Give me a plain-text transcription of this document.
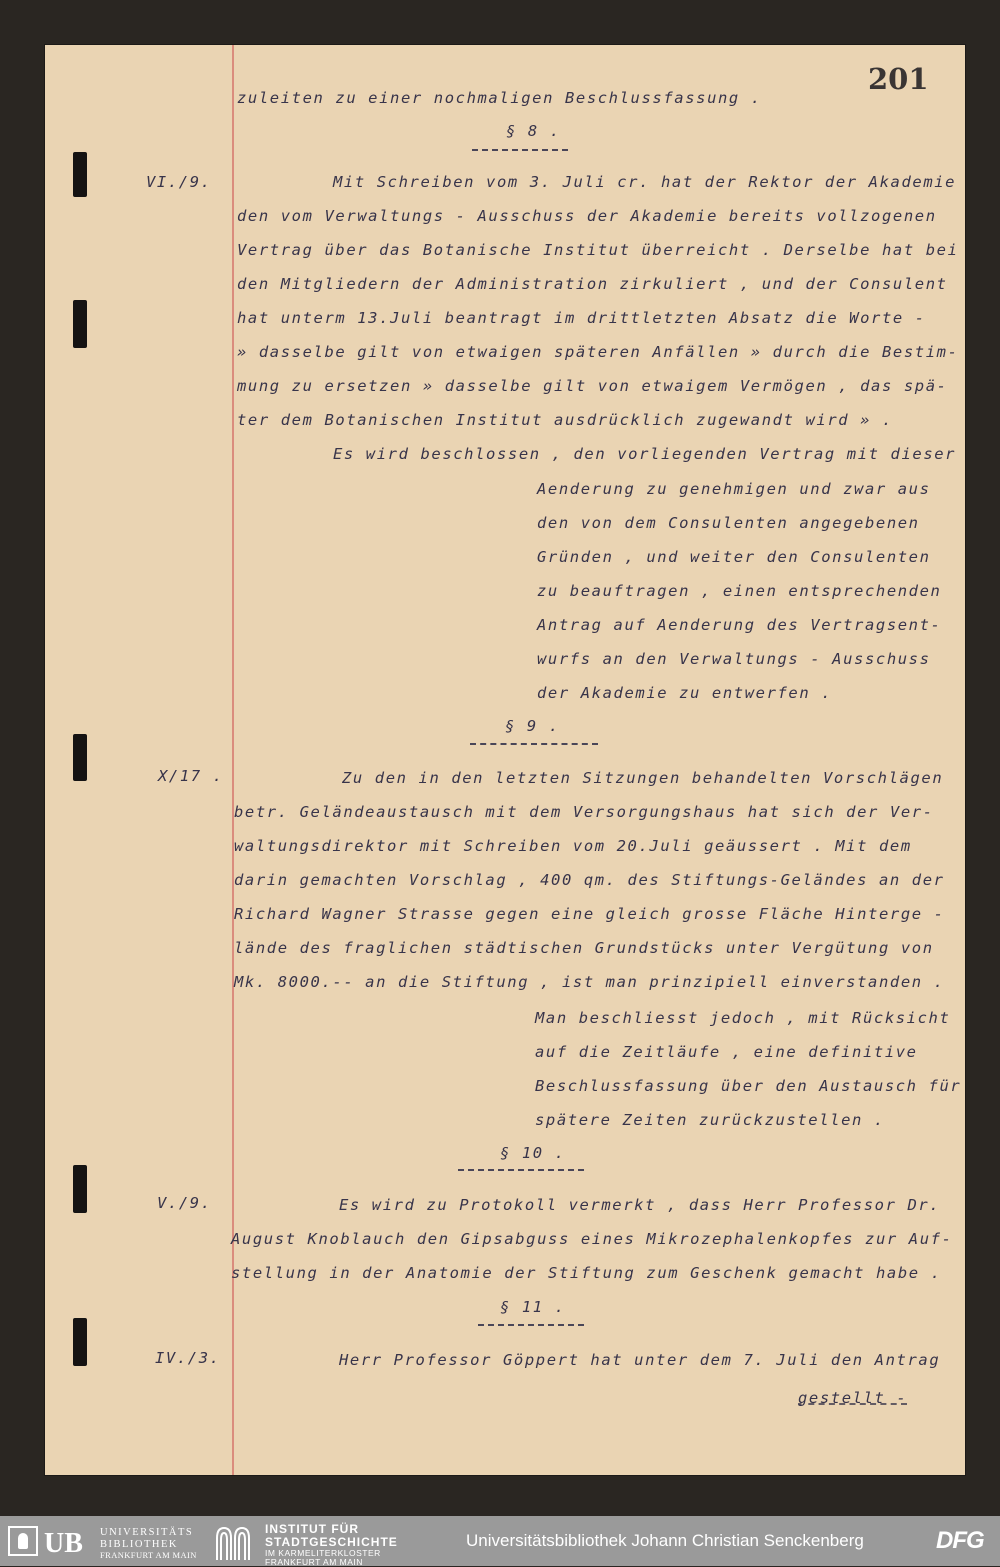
201
VI./9.
X/17 .
V./9.
IV./3.
§ 8 .
§ 9 .
§ 10 .
§ 11 .
zuleiten zu einer nochmaligen Beschlussfassung .
Mit Schreiben vom 3. Juli cr. hat der Rektor der Akademie
den vom Verwaltungs - Ausschuss der Akademie bereits vollzogenen
Vertrag über das Botanische Institut überreicht . Derselbe hat bei
den Mitgliedern der Administration zirkuliert , und der Consulent
hat unterm 13.Juli beantragt im drittletzten Absatz die Worte -
» dasselbe gilt von etwaigen späteren Anfällen » durch die Bestim-
mung zu ersetzen » dasselbe gilt von etwaigem Vermögen , das spä-
ter dem Botanischen Institut ausdrücklich zugewandt wird » .
Es wird beschlossen , den vorliegenden Vertrag mit dieser
Aenderung zu genehmigen und zwar aus
den von dem Consulenten angegebenen
Gründen , und weiter den Consulenten
zu beauftragen , einen entsprechenden
Antrag auf Aenderung des Vertragsent-
wurfs an den Verwaltungs - Ausschuss
der Akademie zu entwerfen .
Zu den in den letzten Sitzungen behandelten Vorschlägen
betr. Geländeaustausch mit dem Versorgungshaus hat sich der Ver-
waltungsdirektor mit Schreiben vom 20.Juli geäussert . Mit dem
darin gemachten Vorschlag , 400 qm. des Stiftungs-Geländes an der
Richard Wagner Strasse gegen eine gleich grosse Fläche Hinterge -
lände des fraglichen städtischen Grundstücks unter Vergütung von
Mk. 8000.-- an die Stiftung , ist man prinzipiell einverstanden .
Man beschliesst jedoch , mit Rücksicht
auf die Zeitläufe , eine definitive
Beschlussfassung über den Austausch für
spätere Zeiten zurückzustellen .
Es wird zu Protokoll vermerkt , dass Herr Professor Dr.
August Knoblauch den Gipsabguss eines Mikrozephalenkopfes zur Auf-
stellung in der Anatomie der Stiftung zum Geschenk gemacht habe .
Herr Professor Göppert hat unter dem 7. Juli den Antrag
gestellt -
UB UNIVERSITÄTS
BIBLIOTHEK
FRANKFURT AM MAIN
INSTITUT FÜR
STADTGESCHICHTE
IM KARMELITERKLOSTER
FRANKFURT AM MAIN
Universitätsbibliothek Johann Christian Senckenberg	DFG
